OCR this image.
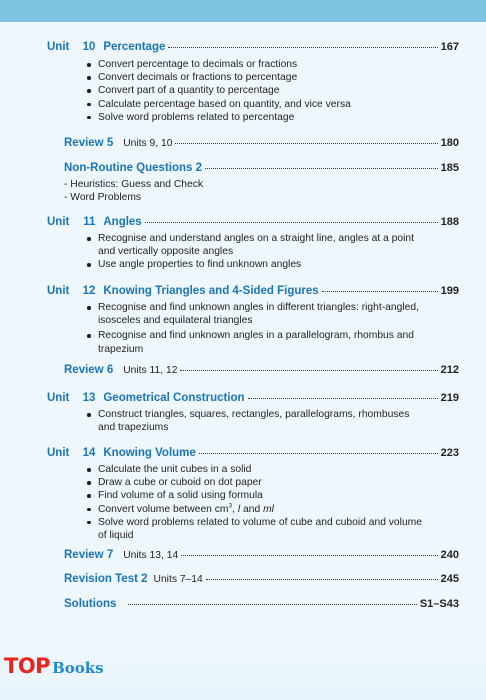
Unit	10 Percentage	167
Convert percentage to decimals or fractions
Convert decimals or fractions to percentage
Convert part of a quantity to percentage
Calculate percentage based on quantity, and vice versa
Solve word problems related to percentage
Review 5 Units 9, 10	180
Non-Routine Questions 2	185
- Heuristics: Guess and Check
- Word Problems
Unit	11 Angles	188
Recognise and understand angles on a straight line, angles at a point
and vertically opposite angles
Use angle properties to find unknown angles
Unit	12 Knowing Triangles and 4-Sided Figures	199
Recognise and find unknown angles in different triangles: right-angled,
isosceles and equilateral triangles
Recognise and find unknown angles in a parallelogram, rhombus and
trapezium
Review 6 Units 11, 12	212
Unit	13 Geometrical Construction	219
Construct triangles, squares, rectangles, parallelograms, rhombuses
and trapeziums
Unit	14 Knowing Volume	223
Calculate the unit cubes in a solid
Draw a cube or cuboid on dot paper
Find volume of a solid using formula
Convert volume between $cm^3$, l and ml
Solve word problems related to volume of cube and cuboid and volume
of liquid
Review 7 Units 13, 14	240
Revision Test 2 Units 7–14	245
Solutions	S1–S43
TOP Books
